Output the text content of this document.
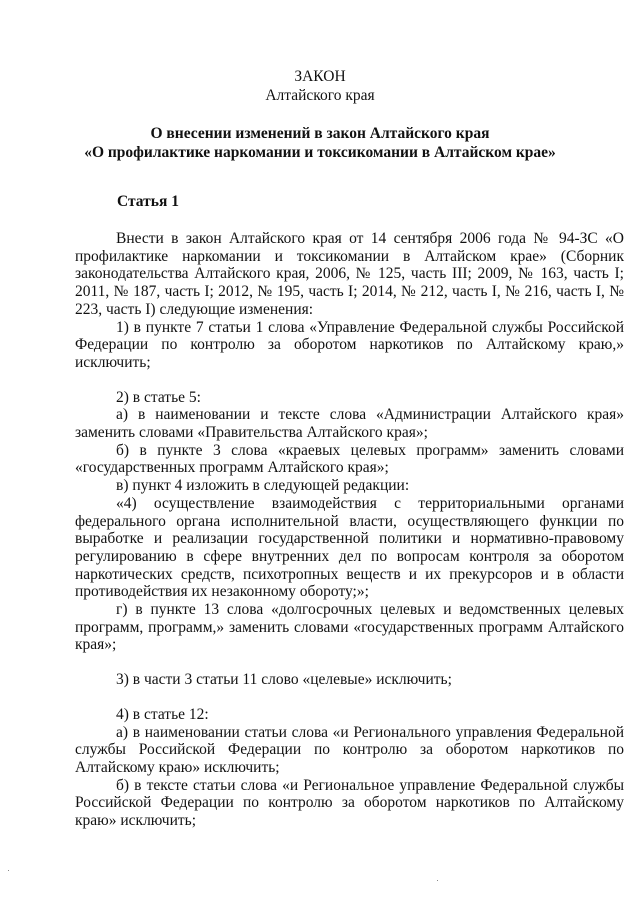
ЗАКОН
Алтайского края
О внесении изменений в закон Алтайского края
«О профилактике наркомании и токсикомании в Алтайском крае»
Статья 1

Внести в закон Алтайского края от 14 сентября 2006 года № 94-ЗС «О профилактике наркомании и токсикомании в Алтайском крае» (Сборник законодательства Алтайского края, 2006, № 125, часть III; 2009, № 163, часть I; 2011, № 187, часть I; 2012, № 195, часть I; 2014, № 212, часть I, № 216, часть I, № 223, часть I) следующие изменения:

1) в пункте 7 статьи 1 слова «Управление Федеральной службы Российской Федерации по контролю за оборотом наркотиков по Алтайскому краю,» исключить;

2) в статье 5:

а) в наименовании и тексте слова «Администрации Алтайского края» заменить словами «Правительства Алтайского края»;

б) в пункте 3 слова «краевых целевых программ» заменить словами «государственных программ Алтайского края»;

в) пункт 4 изложить в следующей редакции:

«4) осуществление взаимодействия с территориальными органами федерального органа исполнительной власти, осуществляющего функции по выработке и реализации государственной политики и нормативно-правовому регулированию в сфере внутренних дел по вопросам контроля за оборотом наркотических средств, психотропных веществ и их прекурсоров и в области противодействия их незаконному обороту;»;

г) в пункте 13 слова «долгосрочных целевых и ведомственных целевых программ, программ,» заменить словами «государственных программ Алтайского края»;

3) в части 3 статьи 11 слово «целевые» исключить;

4) в статье 12:

а) в наименовании статьи слова «и Регионального управления Федеральной службы Российской Федерации по контролю за оборотом наркотиков по Алтайскому краю» исключить;

б) в тексте статьи слова «и Региональное управление Федеральной службы Российской Федерации по контролю за оборотом наркотиков по Алтайскому краю» исключить;
